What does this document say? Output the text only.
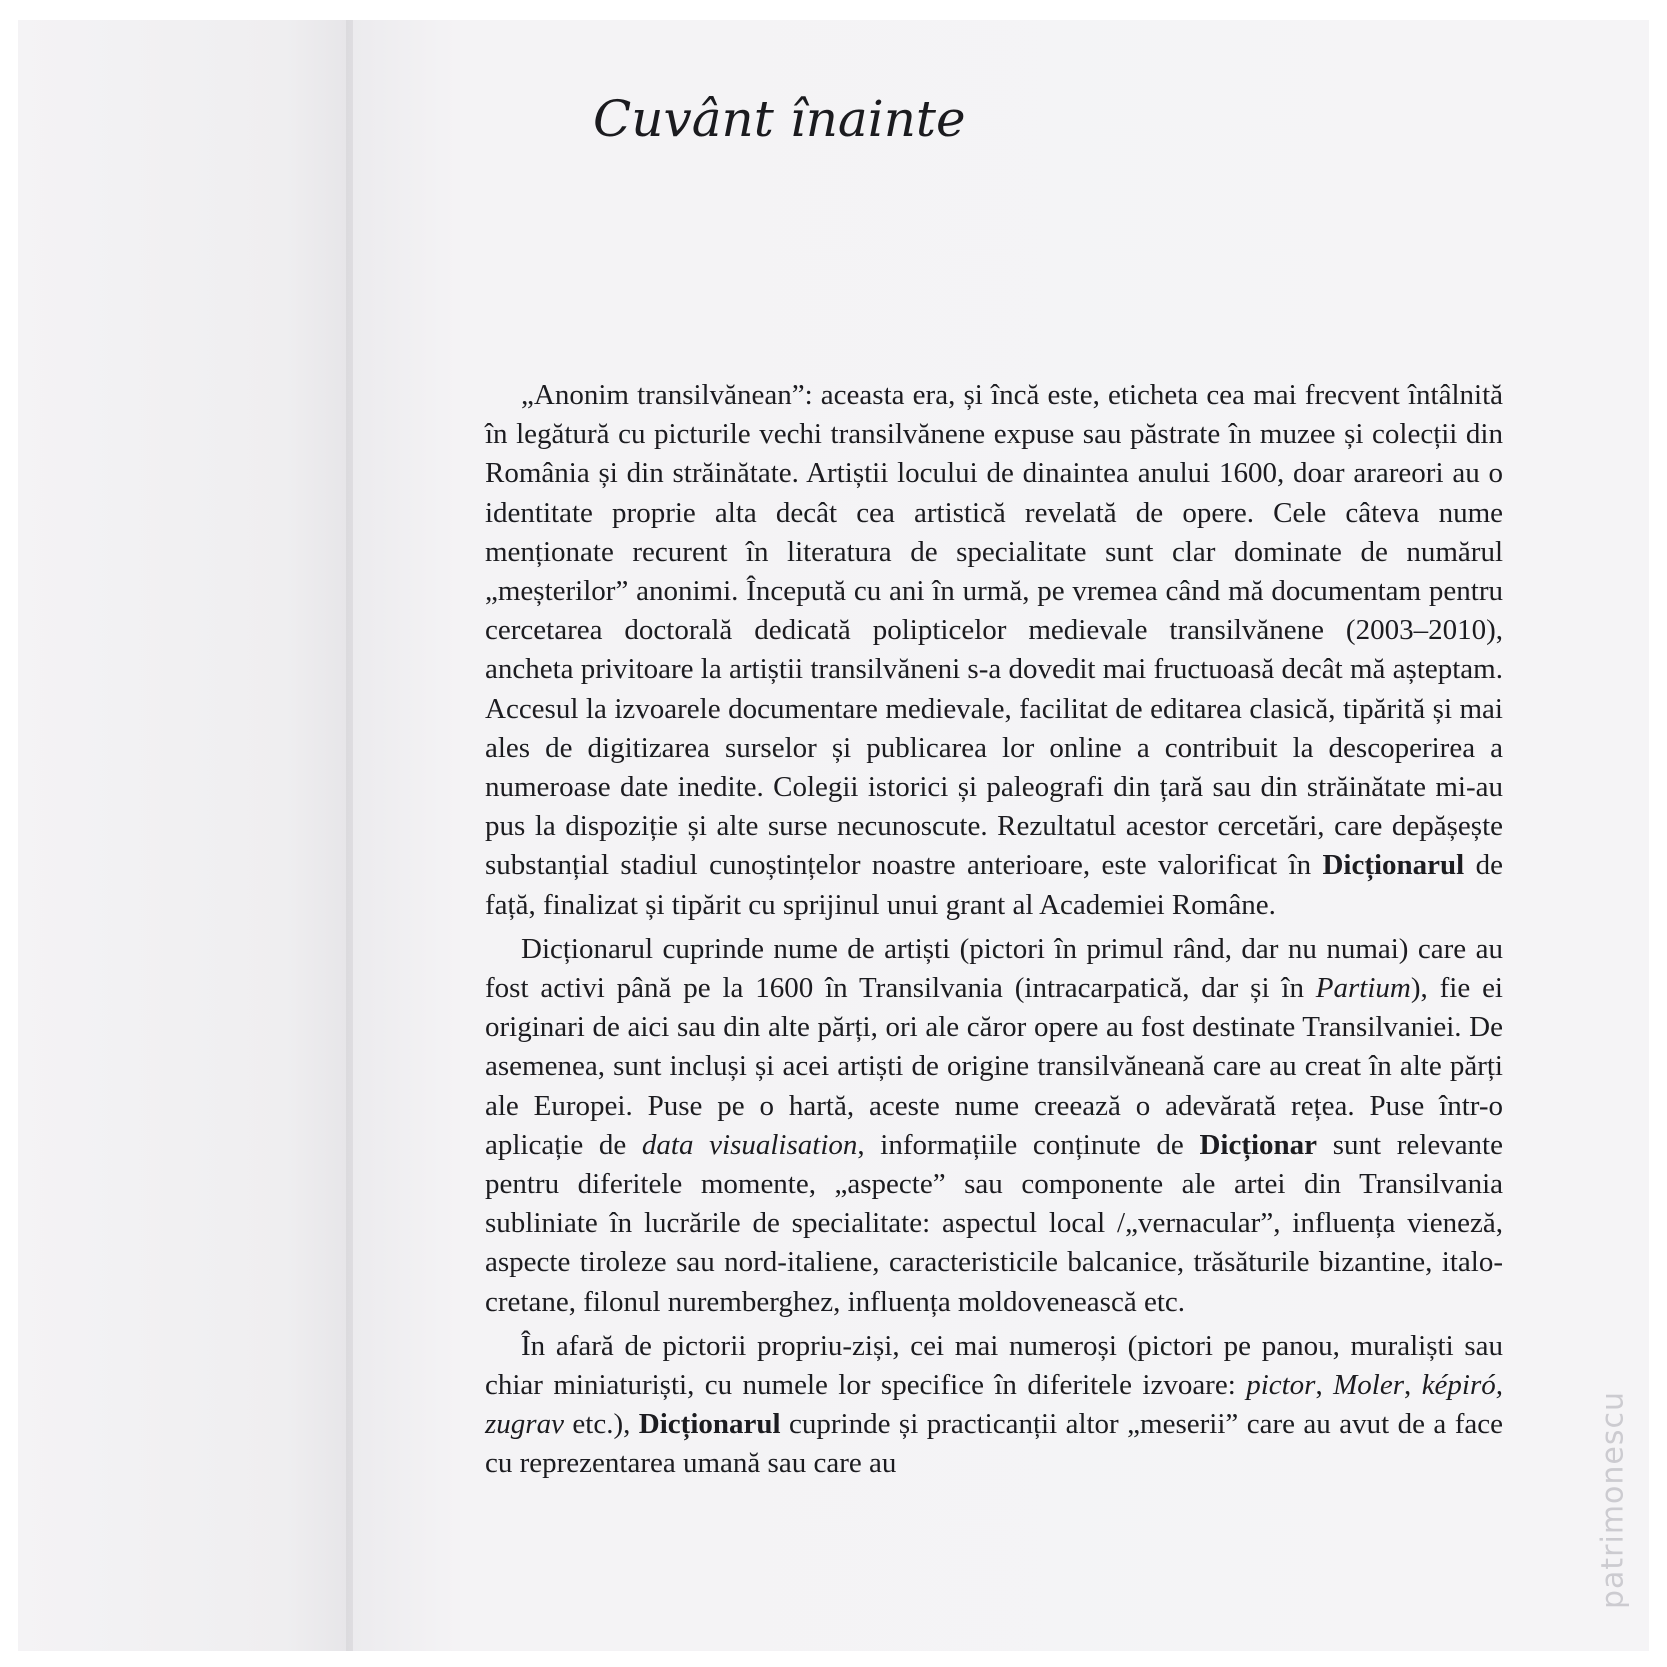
Cuvânt înainte

„Anonim transilvănean”: aceasta era, și încă este, eticheta cea mai frecvent întâlnită în legătură cu picturile vechi transilvănene expuse sau păstrate în muzee și colecții din România și din străinătate. Artiștii locului de dinaintea anului 1600, doar arareori au o identitate proprie alta decât cea artistică revelată de opere. Cele câteva nume menționate recurent în literatura de specialitate sunt clar dominate de numărul „meșterilor” anonimi. Începută cu ani în urmă, pe vremea când mă documentam pentru cercetarea doctorală dedicată polipticelor medievale transilvănene (2003–2010), ancheta privitoare la artiștii transilvăneni s-a dovedit mai fructuoasă decât mă așteptam. Accesul la izvoarele documentare medievale, facilitat de editarea clasică, tipărită și mai ales de digitizarea surselor și publicarea lor online a contribuit la descoperirea a numeroase date inedite. Colegii istorici și paleografi din țară sau din străinătate mi-au pus la dispoziție și alte surse necunoscute. Rezultatul acestor cercetări, care depășește substanțial stadiul cunoștințelor noastre anterioare, este valorificat în Dicționarul de față, finalizat și tipărit cu sprijinul unui grant al Academiei Române.

Dicționarul cuprinde nume de artiști (pictori în primul rând, dar nu numai) care au fost activi până pe la 1600 în Transilvania (intracarpatică, dar și în Partium), fie ei originari de aici sau din alte părți, ori ale căror opere au fost destinate Transilvaniei. De asemenea, sunt incluși și acei artiști de origine transilvăneană care au creat în alte părți ale Europei. Puse pe o hartă, aceste nume creează o adevărată rețea. Puse într-o aplicație de data visualisation, informațiile conținute de Dicționar sunt relevante pentru diferitele momente, „aspecte” sau componente ale artei din Transilvania subliniate în lucrările de specialitate: aspectul local /„vernacular”, influența vieneză, aspecte tiroleze sau nord-italiene, caracteristicile balcanice, trăsăturile bizantine, italo-cretane, filonul nuremberghez, influența moldovenească etc.

În afară de pictorii propriu-ziși, cei mai numeroși (pictori pe panou, muraliști sau chiar miniaturiști, cu numele lor specifice în diferitele izvoare: pictor, Moler, képiró, zugrav etc.), Dicționarul cuprinde și practicanții altor „meserii” care au avut de a face cu reprezentarea umană sau care au	patrimonescu
